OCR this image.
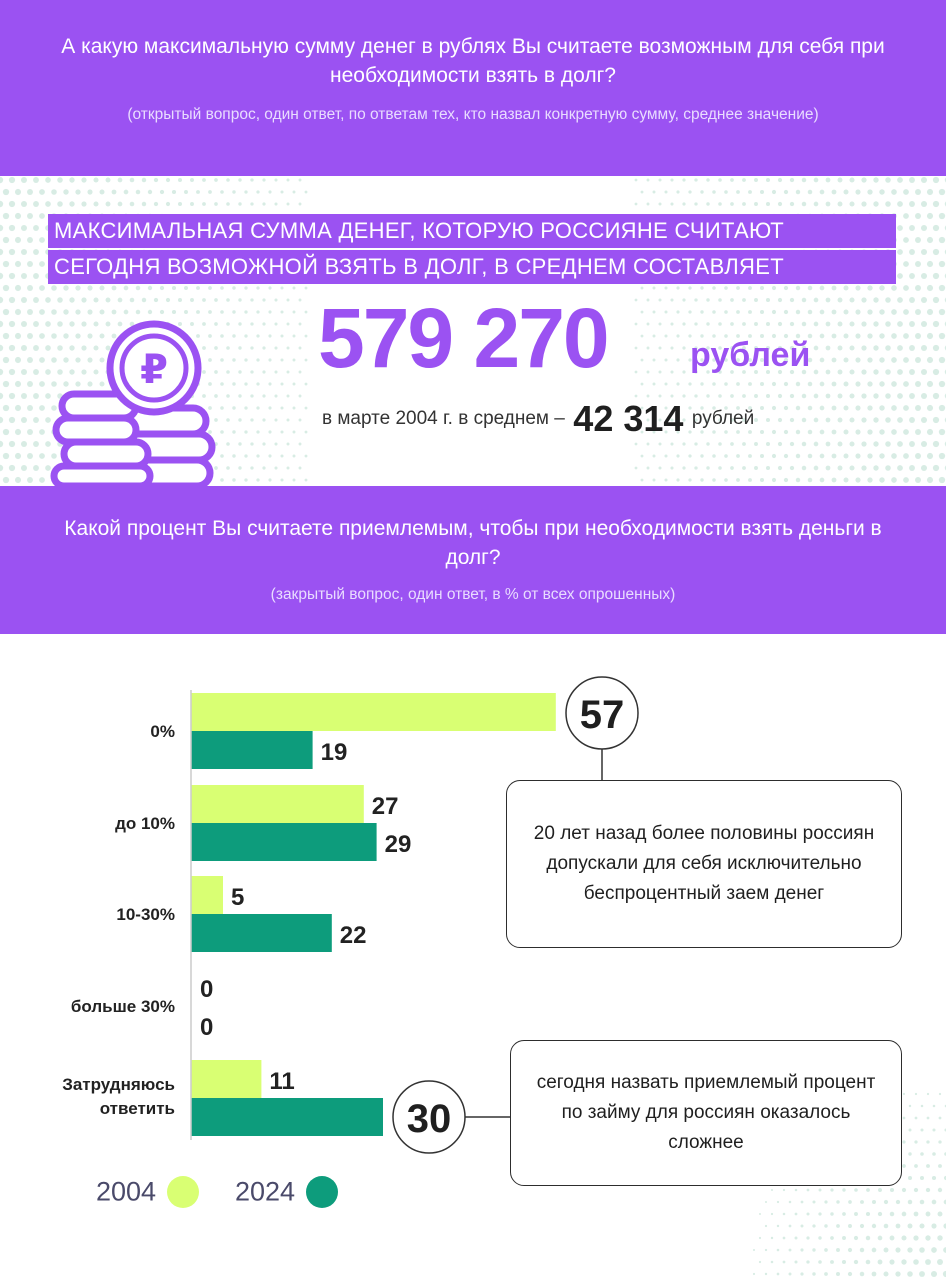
А какую максимальную сумму денег в рублях Вы считаете возможным для себя при необходимости взять в долг?
(открытый вопрос, один ответ, по ответам тех, кто назвал конкретную сумму, среднее значение)
МАКСИМАЛЬНАЯ СУММА ДЕНЕГ, КОТОРУЮ РОССИЯНЕ СЧИТАЮТ
СЕГОДНЯ ВОЗМОЖНОЙ ВЗЯТЬ В ДОЛГ, В СРЕДНЕМ СОСТАВЛЯЕТ
₽ 579 270 рублей
в марте 2004 г. в среднем – 42 314 рублей
Какой процент Вы считаете приемлемым, чтобы при необходимости взять деньги в долг?
(закрытый вопрос, один ответ, в % от всех опрошенных)
0%
19
до 10%
27
29
10-30%
5
22
больше 30%
0
0
Затрудняюсь ответить
11
57
30
20 лет назад более половины россиян допускали для себя исключительно беспроцентный заем денег
сегодня назвать приемлемый процент по займу для россиян оказалось сложнее
2004	2024
